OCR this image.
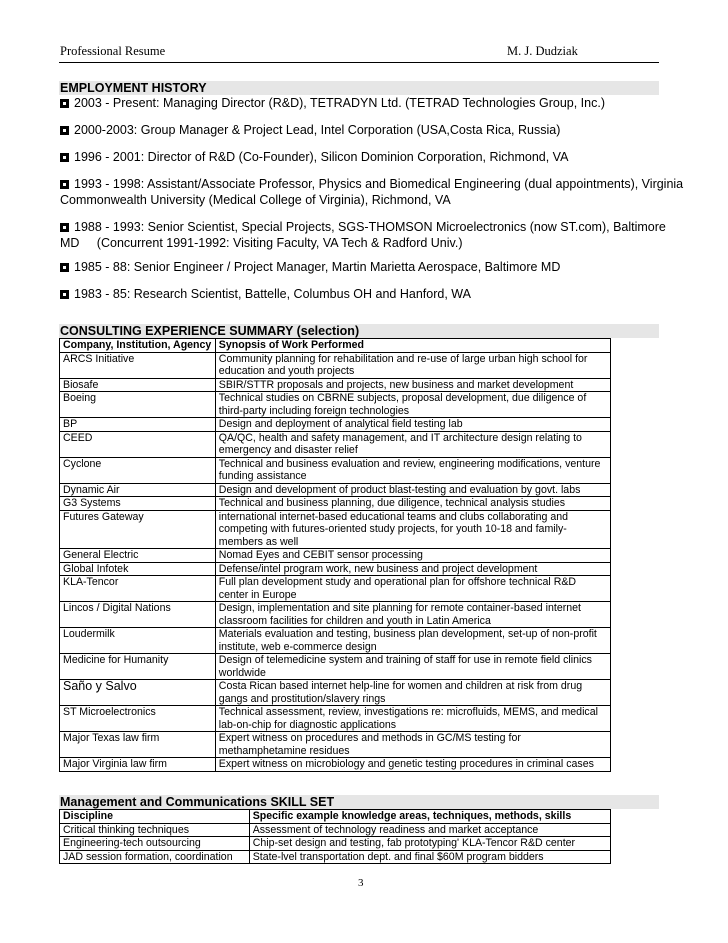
Professional Resume	M. J. Dudziak
EMPLOYMENT HISTORY
2003 - Present: Managing Director (R&D), TETRADYN Ltd. (TETRAD Technologies Group, Inc.)
2000-2003: Group Manager & Project Lead, Intel Corporation (USA,Costa Rica, Russia)
1996 - 2001: Director of R&D (Co-Founder), Silicon Dominion Corporation, Richmond, VA
1993 - 1998: Assistant/Associate Professor, Physics and Biomedical Engineering (dual appointments), Virginia
Commonwealth University (Medical College of Virginia), Richmond, VA
1988 - 1993: Senior Scientist, Special Projects, SGS-THOMSON Microelectronics (now ST.com), Baltimore
MD     (Concurrent 1991-1992: Visiting Faculty, VA Tech & Radford Univ.)
1985 - 88: Senior Engineer / Project Manager, Martin Marietta Aerospace, Baltimore MD
1983 - 85: Research Scientist, Battelle, Columbus OH and Hanford, WA
CONSULTING EXPERIENCE SUMMARY (selection)
Company, Institution, Agency	Synopsis of Work Performed
ARCS Initiative	Community planning for rehabilitation and re-use of large urban high school for education and youth projects
Biosafe	SBIR/STTR proposals and projects, new business and market development
Boeing	Technical studies on CBRNE subjects, proposal development, due diligence of third-party including foreign technologies
BP	Design and deployment of analytical field testing lab
CEED	QA/QC, health and safety management, and IT architecture design relating to emergency and disaster relief
Cyclone	Technical and business evaluation and review, engineering modifications, venture funding assistance
Dynamic Air	Design and development of product blast-testing and evaluation by govt. labs
G3 Systems	Technical and business planning, due diligence, technical analysis studies
Futures Gateway	international internet-based educational teams and clubs collaborating and competing with futures-oriented study projects, for youth 10-18 and family-members as well
General Electric	Nomad Eyes and CEBIT sensor processing
Global Infotek	Defense/intel program work, new business and project development
KLA-Tencor	Full plan development study and operational plan for offshore technical R&D center in Europe
Lincos / Digital Nations	Design, implementation and site planning for remote container-based internet classroom facilities for children and youth in Latin America
Loudermilk	Materials evaluation and testing, business plan development, set-up of non-profit institute, web e-commerce design
Medicine for Humanity	Design of telemedicine system and training of staff for use in remote field clinics worldwide
Saño y Salvo	Costa Rican based internet help-line for women and children at risk from drug gangs and prostitution/slavery rings
ST Microelectronics	Technical assessment, review, investigations re: microfluids, MEMS, and medical lab-on-chip for diagnostic applications
Major Texas law firm	Expert witness on procedures and methods in GC/MS testing for methamphetamine residues
Major Virginia law firm	Expert witness on microbiology and genetic testing procedures in criminal cases
Management and Communications SKILL SET
Discipline	Specific example knowledge areas, techniques, methods, skills
Critical thinking techniques	Assessment of technology readiness and market acceptance
Engineering-tech outsourcing	Chip-set design and testing, fab prototyping' KLA-Tencor R&D center
JAD session formation, coordination	State-lvel transportation dept. and final $60M program bidders
3
